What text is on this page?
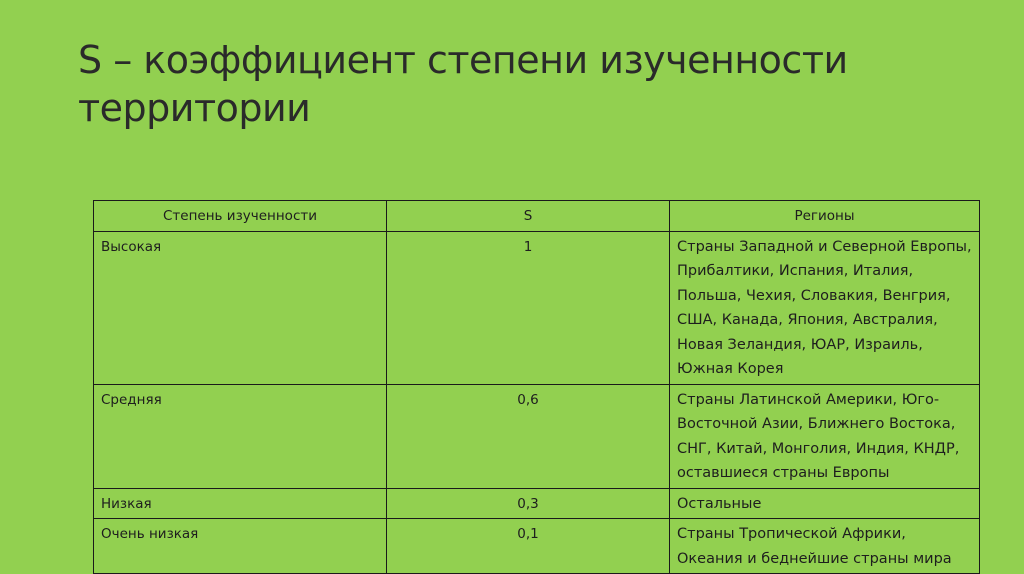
S – коэффициент степени изученности территории
Степень изученности	S	Регионы
Высокая	1	Страны Западной и Северной Европы, Прибалтики, Испания, Италия, Польша, Чехия, Словакия, Венгрия, США, Канада, Япония, Австралия, Новая Зеландия, ЮАР, Израиль, Южная Корея
Средняя	0,6	Страны Латинской Америки, Юго-Восточной Азии, Ближнего Востока, СНГ, Китай, Монголия, Индия, КНДР, оставшиеся страны Европы
Низкая	0,3	Остальные
Очень низкая	0,1	Страны Тропической Африки, Океания и беднейшие страны мира
